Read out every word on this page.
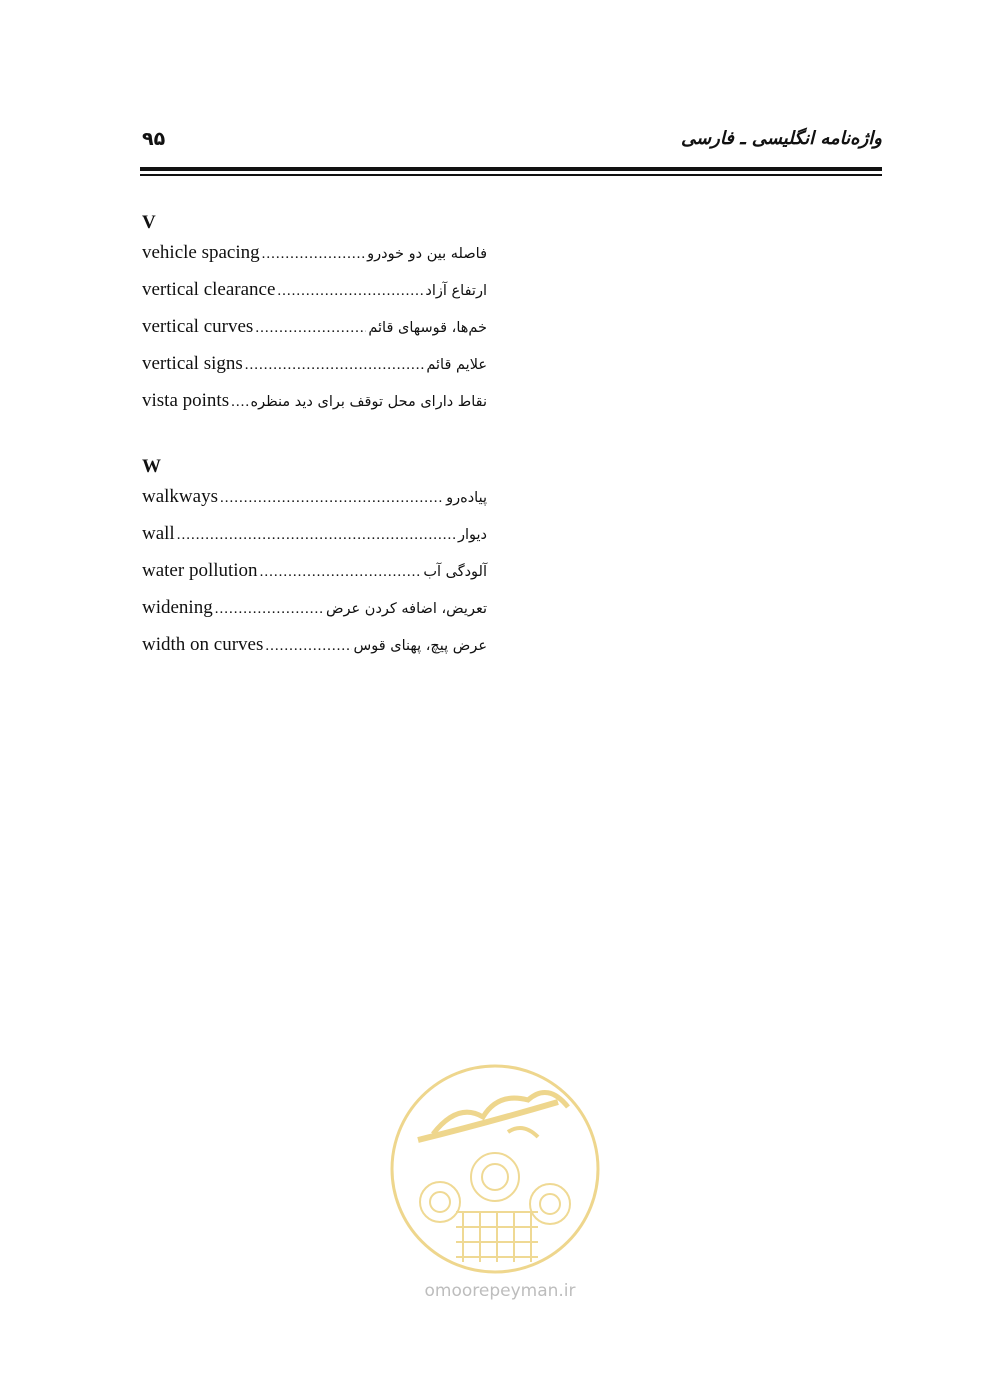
۹۵	واژه‌نامه انگلیسی ـ فارسی
V
vehicle spacing .....	فاصله بین دو خودرو
vertical clearance .....	ارتفاع آزاد
vertical curves .....	خم‌ها، قوسهای قائم
vertical signs .....	علایم قائم
vista points ..... نقاط دارای محل توقف برای دید منظره
W
walkways .....	پیاده‌رو
wall .....	دیوار
water pollution .....	آلودگی آب
widening .....	تعریض، اضافه کردن عرض
width on curves .....	عرض پیچ، پهنای قوس
omoorepeyman.ir
